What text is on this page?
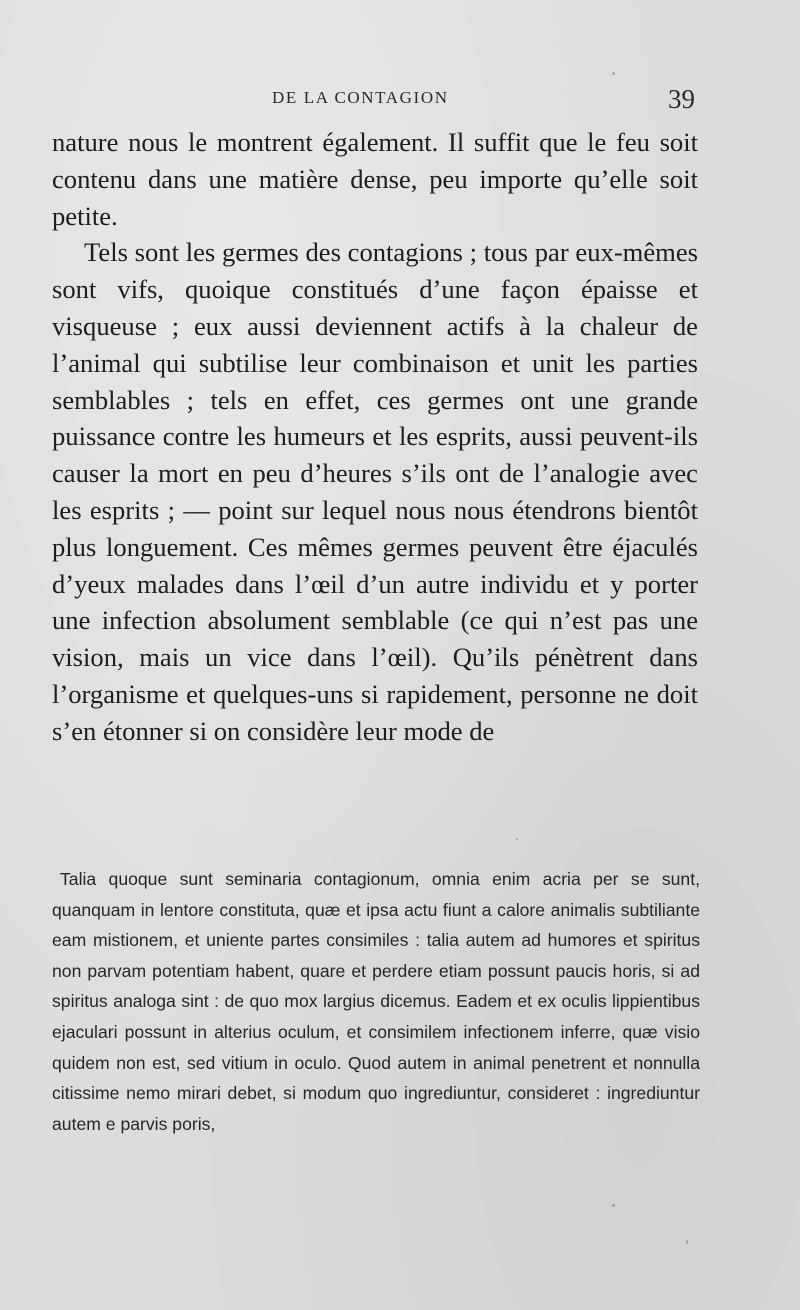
DE LA CONTAGION	39

nature nous le montrent également. Il suffit que le feu soit contenu dans une matière dense, peu importe qu’elle soit petite.

Tels sont les germes des contagions ; tous par eux-mêmes sont vifs, quoique constitués d’une façon épaisse et visqueuse ; eux aussi deviennent actifs à la chaleur de l’animal qui subtilise leur combinaison et unit les parties semblables ; tels en effet, ces germes ont une grande puissance contre les humeurs et les esprits, aussi peuvent-ils causer la mort en peu d’heures s’ils ont de l’analogie avec les esprits ; — point sur lequel nous nous étendrons bientôt plus longuement. Ces mêmes germes peuvent être éjaculés d’yeux malades dans l’œil d’un autre individu et y porter une infection absolument semblable (ce qui n’est pas une vision, mais un vice dans l’œil). Qu’ils pénètrent dans l’organisme et quelques-uns si rapidement, personne ne doit s’en étonner si on considère leur mode de

Talia quoque sunt seminaria contagionum, omnia enim acria per se sunt, quanquam in lentore constituta, quæ et ipsa actu fiunt a calore animalis subtiliante eam mistionem, et uniente partes consimiles : talia autem ad humores et spiritus non parvam potentiam habent, quare et perdere etiam possunt paucis horis, si ad spiritus analoga sint : de quo mox largius dicemus. Eadem et ex oculis lippientibus ejaculari possunt in alterius oculum, et consimilem infectionem inferre, quæ visio quidem non est, sed vitium in oculo. Quod autem in animal penetrent et nonnulla citissime nemo mirari debet, si modum quo ingrediuntur, consideret : ingrediuntur autem e parvis poris,
